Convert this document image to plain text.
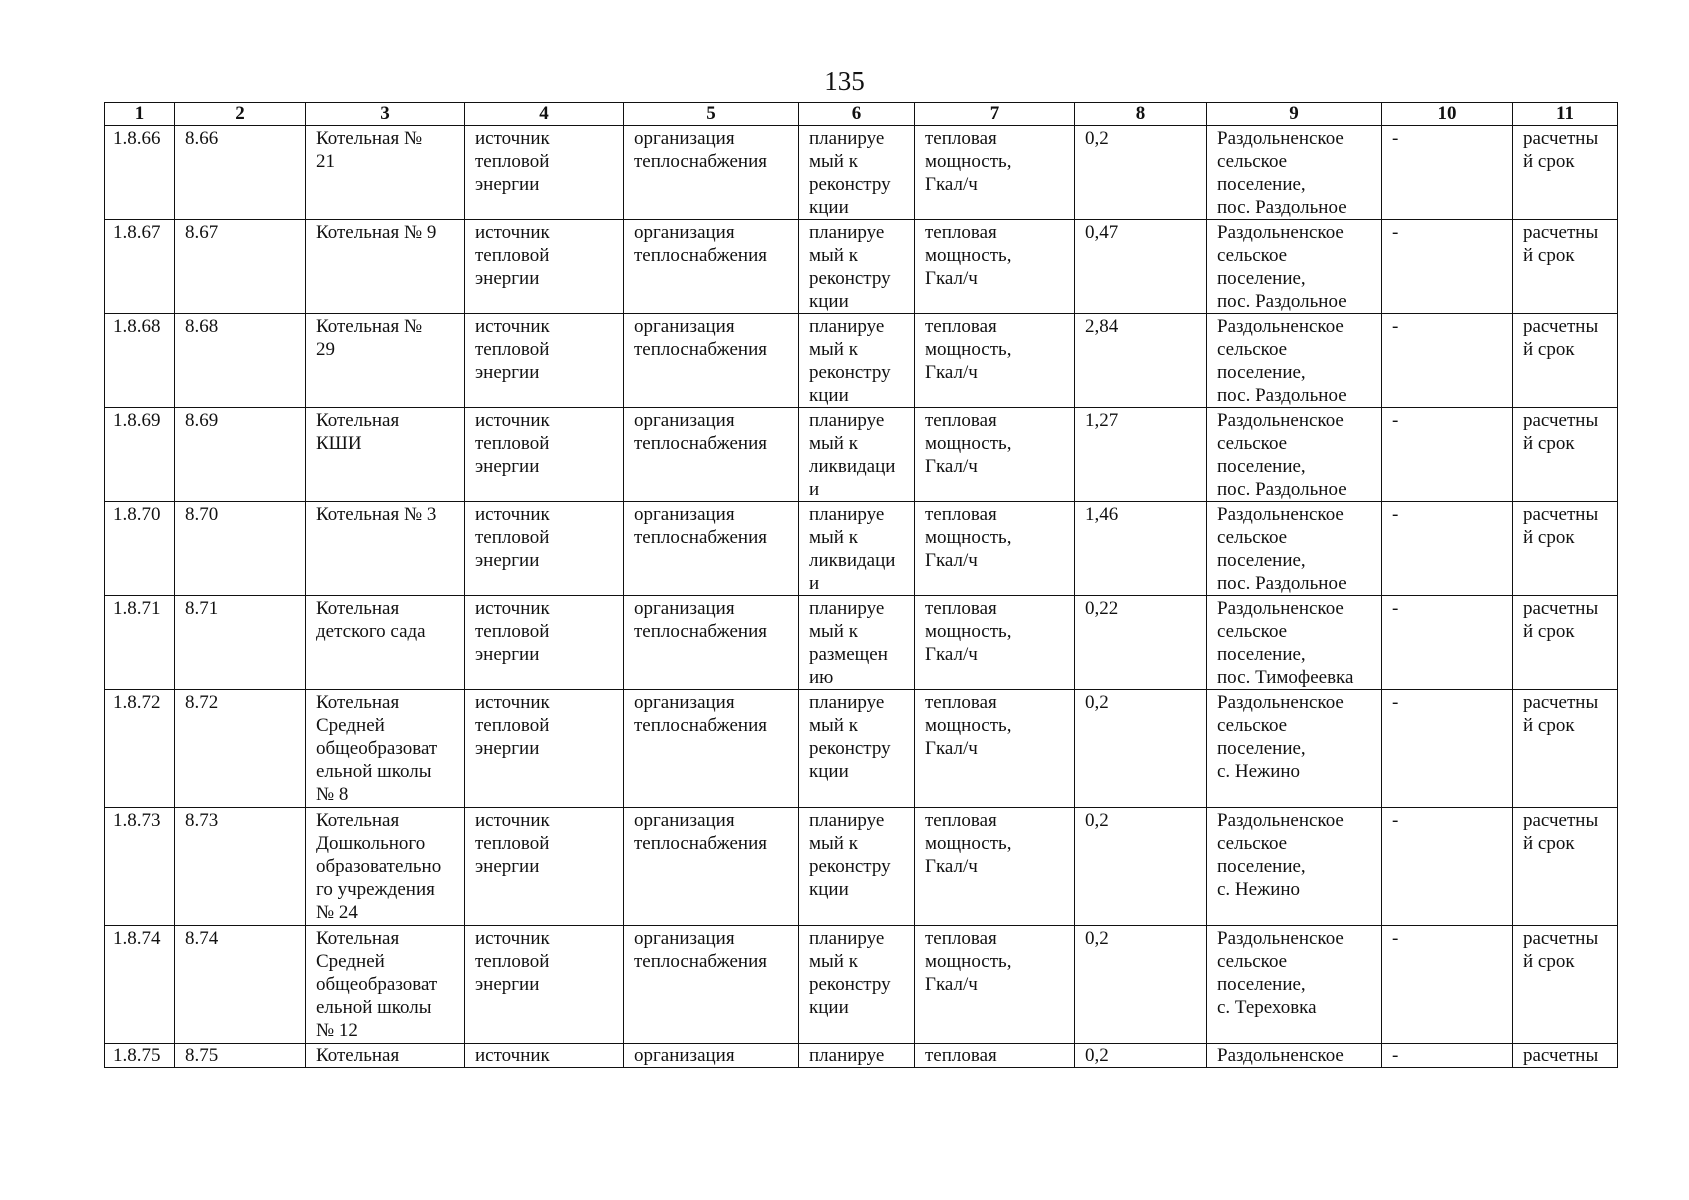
135
1	2	3	4	5	6	7	8	9	10	11

1.8.66	8.66	Котельная №
21	источник
тепловой
энергии	организация
теплоснабжения	планируе
мый к
реконстру
кции	тепловая
мощность,
Гкал/ч	0,2	Раздольненское
сельское
поселение,
пос. Раздольное	-	расчетны
й срок

1.8.67	8.67	Котельная № 9	источник
тепловой
энергии	организация
теплоснабжения	планируе
мый к
реконстру
кции	тепловая
мощность,
Гкал/ч	0,47	Раздольненское
сельское
поселение,
пос. Раздольное	-	расчетны
й срок

1.8.68	8.68	Котельная №
29	источник
тепловой
энергии	организация
теплоснабжения	планируе
мый к
реконстру
кции	тепловая
мощность,
Гкал/ч	2,84	Раздольненское
сельское
поселение,
пос. Раздольное	-	расчетны
й срок

1.8.69	8.69	Котельная
КШИ	источник
тепловой
энергии	организация
теплоснабжения	планируе
мый к
ликвидаци
и	тепловая
мощность,
Гкал/ч	1,27	Раздольненское
сельское
поселение,
пос. Раздольное	-	расчетны
й срок

1.8.70	8.70	Котельная № 3	источник
тепловой
энергии	организация
теплоснабжения	планируе
мый к
ликвидаци
и	тепловая
мощность,
Гкал/ч	1,46	Раздольненское
сельское
поселение,
пос. Раздольное	-	расчетны
й срок

1.8.71	8.71	Котельная
детского сада	источник
тепловой
энергии	организация
теплоснабжения	планируе
мый к
размещен
ию	тепловая
мощность,
Гкал/ч	0,22	Раздольненское
сельское
поселение,
пос. Тимофеевка	-	расчетны
й срок

1.8.72	8.72	Котельная
Средней
общеобразоват
ельной школы
№ 8	источник
тепловой
энергии	организация
теплоснабжения	планируе
мый к
реконстру
кции	тепловая
мощность,
Гкал/ч	0,2	Раздольненское
сельское
поселение,
с. Нежино	-	расчетны
й срок

1.8.73	8.73	Котельная
Дошкольного
образовательно
го учреждения
№ 24	источник
тепловой
энергии	организация
теплоснабжения	планируе
мый к
реконстру
кции	тепловая
мощность,
Гкал/ч	0,2	Раздольненское
сельское
поселение,
с. Нежино	-	расчетны
й срок

1.8.74	8.74	Котельная
Средней
общеобразоват
ельной школы
№ 12	источник
тепловой
энергии	организация
теплоснабжения	планируе
мый к
реконстру
кции	тепловая
мощность,
Гкал/ч	0,2	Раздольненское
сельское
поселение,
с. Тереховка	-	расчетны
й срок

1.8.75	8.75	Котельная	источник	организация	планируе	тепловая	0,2	Раздольненское	-	расчетны
